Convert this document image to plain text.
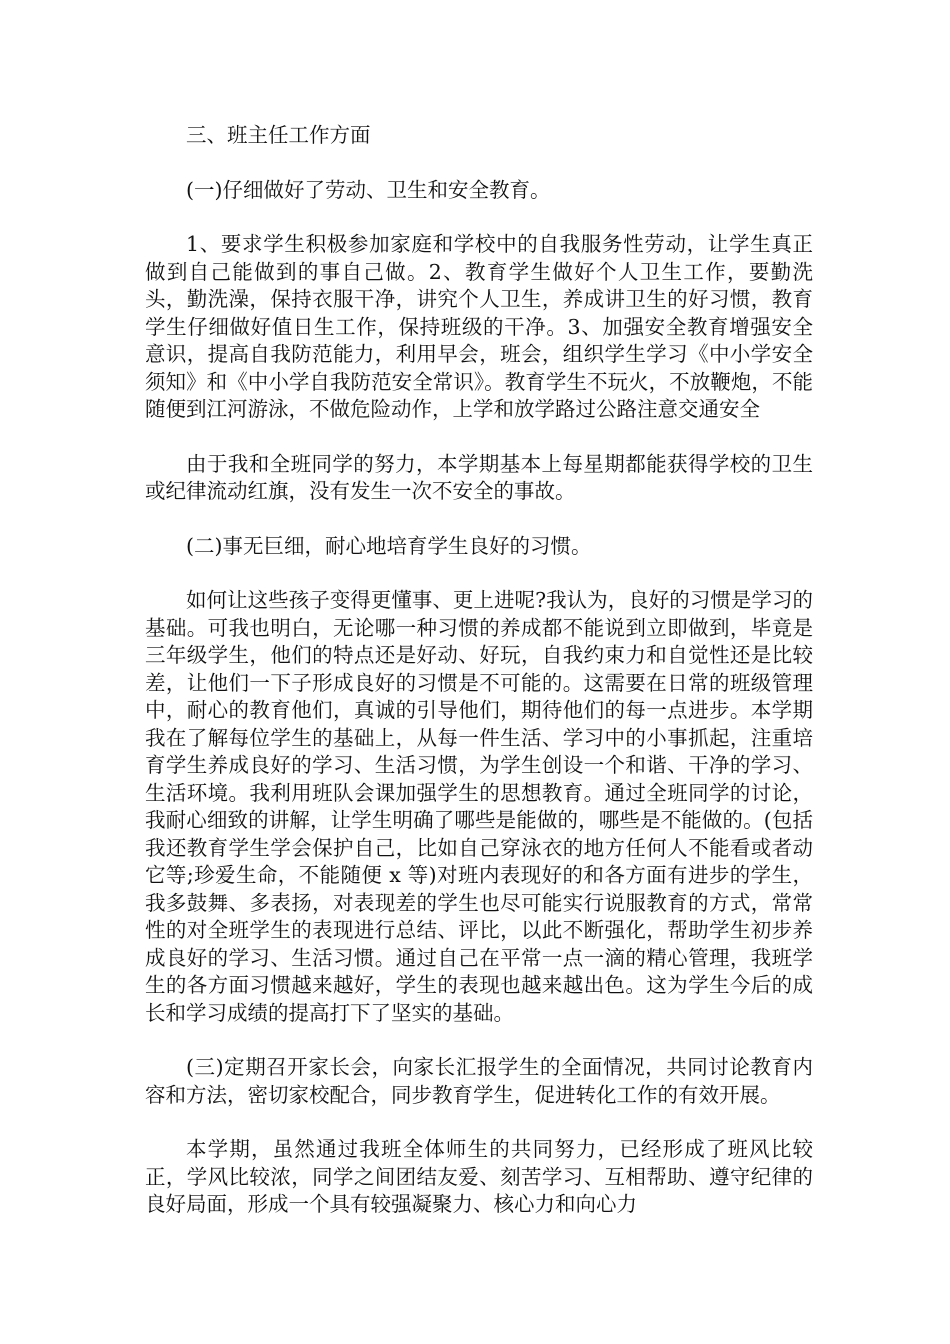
三、班主任工作方面

(一)仔细做好了劳动、卫生和安全教育。

1、要求学生积极参加家庭和学校中的自我服务性劳动，让学生真正做到自己能做到的事自己做。2、教育学生做好个人卫生工作，要勤洗头，勤洗澡，保持衣服干净，讲究个人卫生，养成讲卫生的好习惯，教育学生仔细做好值日生工作，保持班级的干净。3、加强安全教育增强安全意识，提高自我防范能力，利用早会，班会，组织学生学习《中小学安全须知》和《中小学自我防范安全常识》。教育学生不玩火，不放鞭炮，不能随便到江河游泳，不做危险动作，上学和放学路过公路注意交通安全

由于我和全班同学的努力，本学期基本上每星期都能获得学校的卫生或纪律流动红旗，没有发生一次不安全的事故。

(二)事无巨细，耐心地培育学生良好的习惯。

如何让这些孩子变得更懂事、更上进呢?我认为，良好的习惯是学习的基础。可我也明白，无论哪一种习惯的养成都不能说到立即做到，毕竟是三年级学生，他们的特点还是好动、好玩，自我约束力和自觉性还是比较差，让他们一下子形成良好的习惯是不可能的。这需要在日常的班级管理中，耐心的教育他们，真诚的引导他们，期待他们的每一点进步。本学期我在了解每位学生的基础上，从每一件生活、学习中的小事抓起，注重培育学生养成良好的学习、生活习惯，为学生创设一个和谐、干净的学习、生活环境。我利用班队会课加强学生的思想教育。通过全班同学的讨论，我耐心细致的讲解，让学生明确了哪些是能做的，哪些是不能做的。(包括我还教育学生学会保护自己，比如自己穿泳衣的地方任何人不能看或者动它等;珍爱生命，不能随便 x 等)对班内表现好的和各方面有进步的学生，我多鼓舞、多表扬，对表现差的学生也尽可能实行说服教育的方式，常常性的对全班学生的表现进行总结、评比，以此不断强化，帮助学生初步养成良好的学习、生活习惯。通过自己在平常一点一滴的精心管理，我班学生的各方面习惯越来越好，学生的表现也越来越出色。这为学生今后的成长和学习成绩的提高打下了坚实的基础。

(三)定期召开家长会，向家长汇报学生的全面情况，共同讨论教育内容和方法，密切家校配合，同步教育学生，促进转化工作的有效开展。

本学期，虽然通过我班全体师生的共同努力，已经形成了班风比较正，学风比较浓，同学之间团结友爱、刻苦学习、互相帮助、遵守纪律的良好局面，形成一个具有较强凝聚力、核心力和向心力
